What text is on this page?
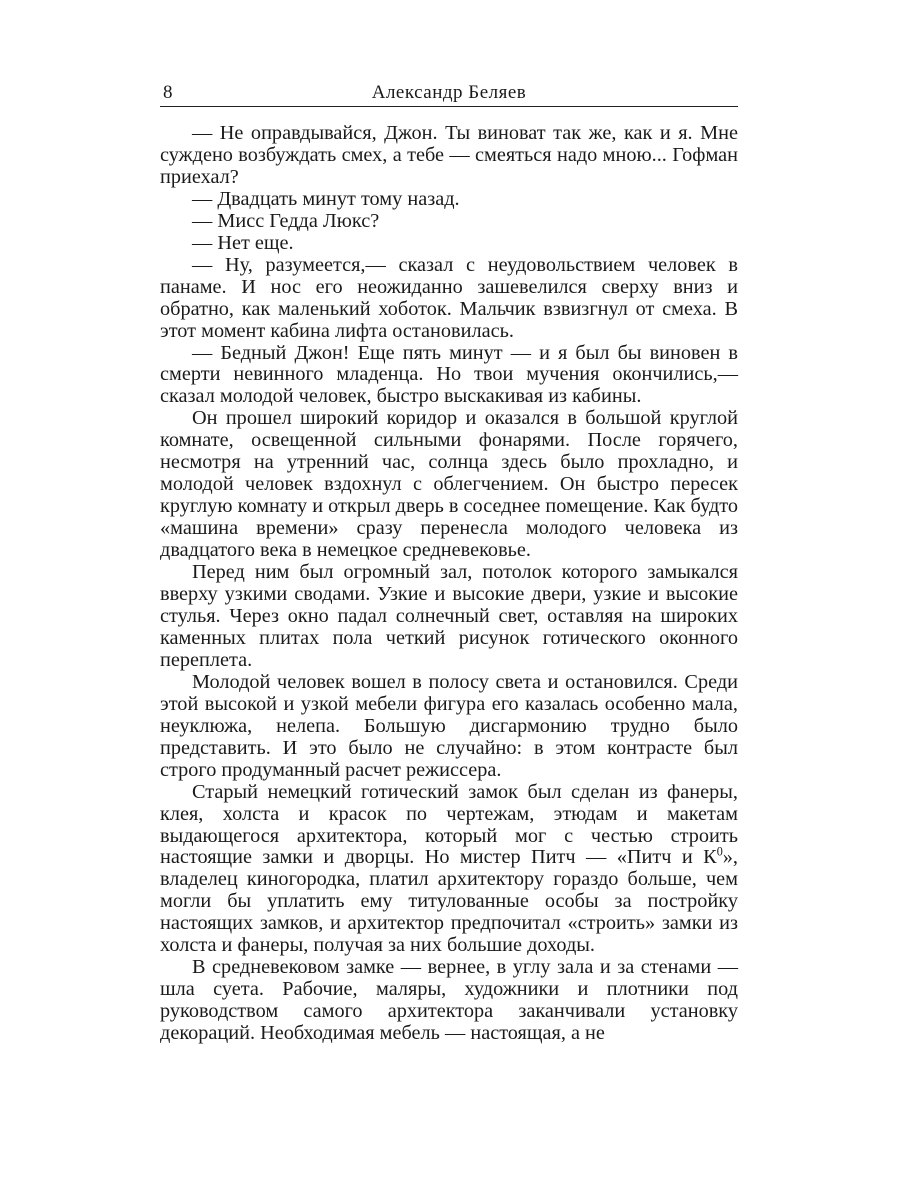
8	Александр Беляев

— Не оправдывайся, Джон. Ты виноват так же, как и я. Мне суждено возбуждать смех, а тебе — смеяться надо мною... Гофман приехал?

— Двадцать минут тому назад.

— Мисс Гедда Люкс?

— Нет еще.

— Ну, разумеется,— сказал с неудовольствием человек в панаме. И нос его неожиданно зашевелился сверху вниз и обратно, как маленький хоботок. Мальчик взвизгнул от смеха. В этот момент кабина лифта остановилась.

— Бедный Джон! Еще пять минут — и я был бы виновен в смерти невинного младенца. Но твои мучения окончились,— сказал молодой человек, быстро выскакивая из кабины.

Он прошел широкий коридор и оказался в большой круглой комнате, освещенной сильными фонарями. После горячего, несмотря на утренний час, солнца здесь было прохладно, и молодой человек вздохнул с облегчением. Он быстро пересек круглую комнату и открыл дверь в соседнее помещение. Как будто «машина времени» сразу перенесла молодого человека из двадцатого века в немецкое средневековье.

Перед ним был огромный зал, потолок которого замыкался вверху узкими сводами. Узкие и высокие двери, узкие и высокие стулья. Через окно падал солнечный свет, оставляя на широких каменных плитах пола четкий рисунок готического оконного переплета.

Молодой человек вошел в полосу света и остановился. Среди этой высокой и узкой мебели фигура его казалась особенно мала, неуклюжа, нелепа. Большую дисгармонию трудно было представить. И это было не случайно: в этом контрасте был строго продуманный расчет режиссера.

Старый немецкий готический замок был сделан из фанеры, клея, холста и красок по чертежам, этюдам и макетам выдающегося архитектора, который мог с честью строить настоящие замки и дворцы. Но мистер Питч — «Питч и $К^0$», владелец киногородка, платил архитектору гораздо больше, чем могли бы уплатить ему титулованные особы за постройку настоящих замков, и архитектор предпочитал «строить» замки из холста и фанеры, получая за них большие доходы.

В средневековом замке — вернее, в углу зала и за стенами — шла суета. Рабочие, маляры, художники и плотники под руководством самого архитектора заканчивали установку декораций. Необходимая мебель — настоящая, а не
